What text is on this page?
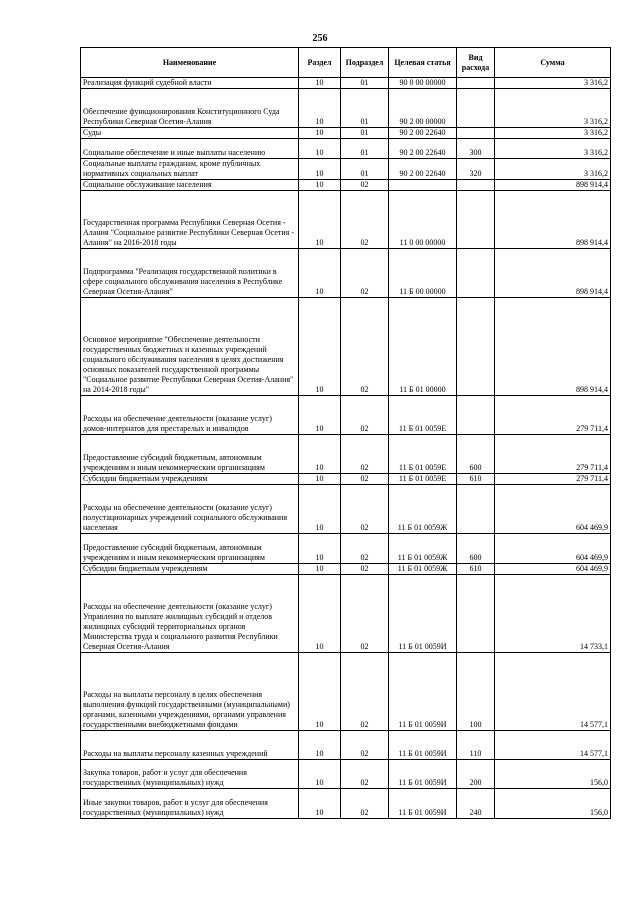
256
Наименование	Раздел	Подраздел	Целевая статья	Вид расхода	Сумма
Реализация функций судебной власти	10	01	90 0 00 00000		3 316,2
Обеспечение функционирования Конституционного Суда Республики Северная Осетия-Алания	10	01	90 2 00 00000		3 316,2
Суды	10	01	90 2 00 22640		3 316,2
Социальное обеспечение и иные выплаты населению	10	01	90 2 00 22640	300	3 316,2
Социальные выплаты гражданам, кроме публичных нормативных социальных выплат	10	01	90 2 00 22640	320	3 316,2
Социальное обслуживание населения	10	02			898 914,4
Государственная программа Республики Северная Осетия - Алания "Социальное развитие Республики Северная Осетия - Алания" на 2016-2018 годы	10	02	11 0 00 00000		898 914,4
Подпрограмма "Реализация государственной политики в сфере социального обслуживания населения в Республике Северная Осетия-Алания"	10	02	11 Б 00 00000		898 914,4
Основное мероприятие "Обеспечение деятельности государственных бюджетных и казенных учреждений социального обслуживания населения в целях достижения основных показателей государственной программы "Социальное развитие Республики Северная Осетия-Алания" на 2014-2018 годы"	10	02	11 Б 01 00000		898 914,4
Расходы на обеспечение деятельности (оказание услуг) домов-интернатов для престарелых и инвалидов	10	02	11 Б 01 0059Е		279 711,4
Предоставление субсидий бюджетным, автономным учреждениям и иным некоммерческим организациям	10	02	11 Б 01 0059Е	600	279 711,4
Субсидии бюджетным учреждениям	10	02	11 Б 01 0059Е	610	279 711,4
Расходы на обеспечение деятельности (оказание услуг) полустационарных учреждений социального обслуживания населения	10	02	11 Б 01 0059Ж		604 469,9
Предоставление субсидий бюджетным, автономным учреждениям и иным некоммерческим организациям	10	02	11 Б 01 0059Ж	600	604 469,9
Субсидии бюджетным учреждениям	10	02	11 Б 01 0059Ж	610	604 469,9
Расходы на обеспечение деятельности (оказание услуг) Управления по выплате жилищных субсидий и отделов жилищных субсидий территориальных органов Министерства труда и социального развития Республики Северная Осетия-Алания	10	02	11 Б 01 0059И		14 733,1
Расходы на выплаты персоналу в целях обеспечения выполнения функций государственными (муниципальными) органами, казенными учреждениями, органами управления государственными внебюджетными фондами	10	02	11 Б 01 0059И	100	14 577,1
Расходы на выплаты персоналу казенных учреждений	10	02	11 Б 01 0059И	110	14 577,1
Закупка товаров, работ и услуг для обеспечения государственных (муниципальных) нужд	10	02	11 Б 01 0059И	200	156,0
Иные закупки товаров, работ и услуг для обеспечения государственных (муниципальных) нужд	10	02	11 Б 01 0059И	240	156,0
